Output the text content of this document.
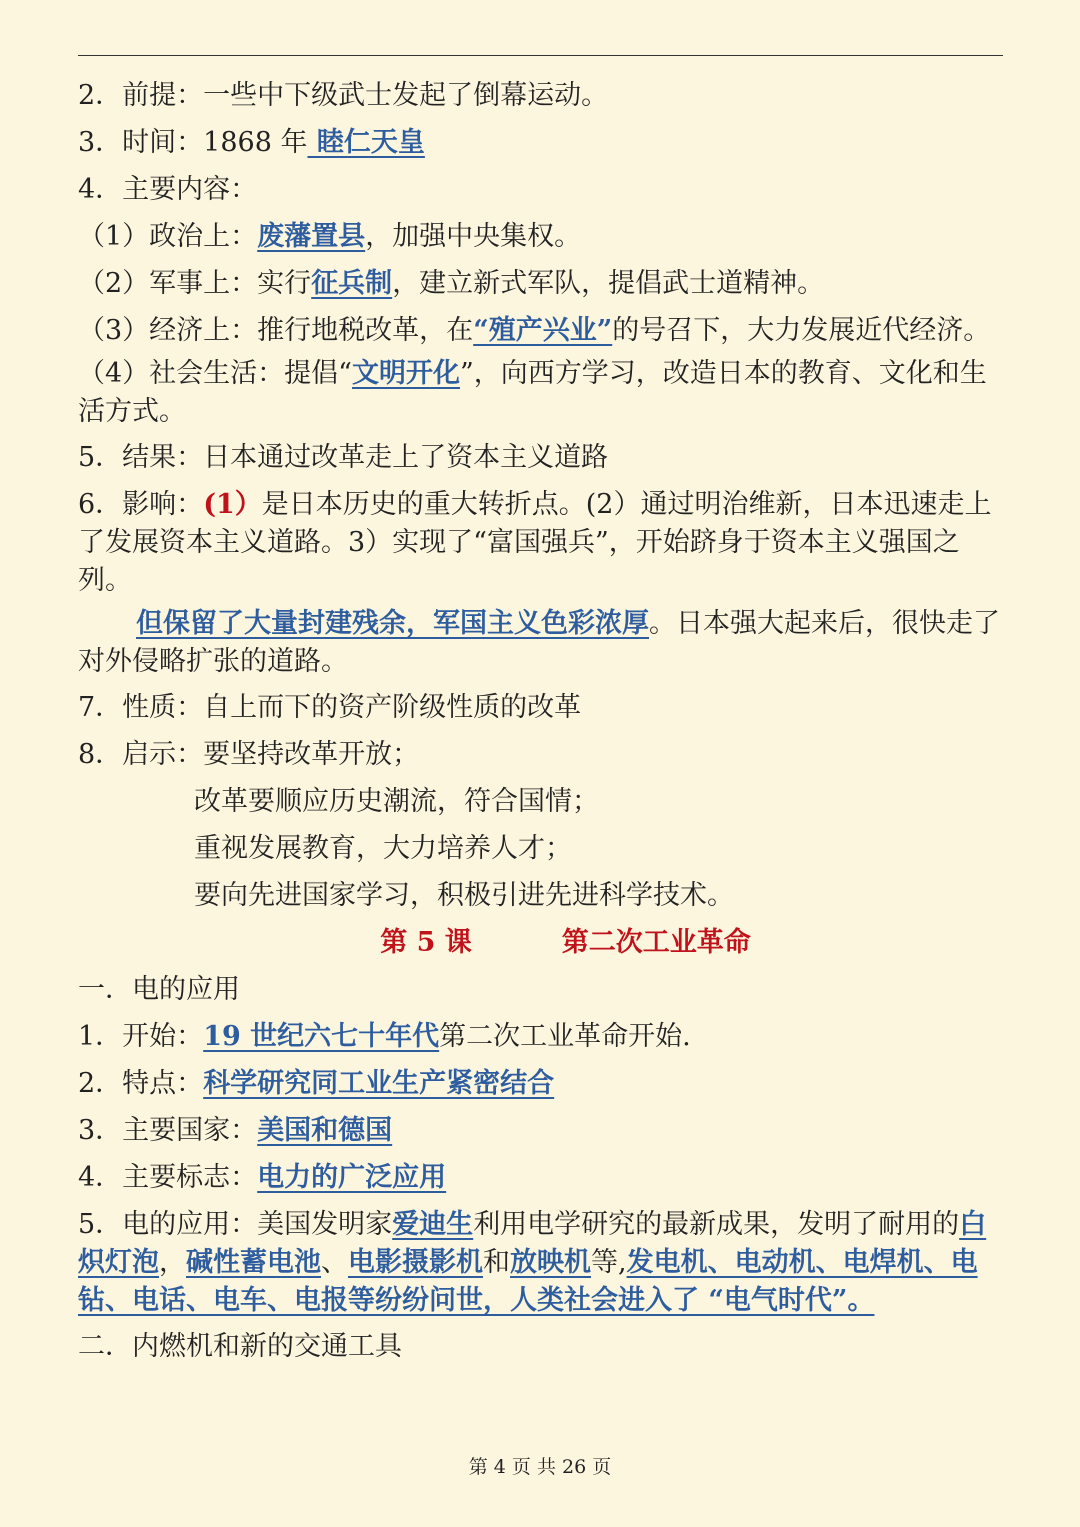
2．前提：一些中下级武士发起了倒幕运动。

3．时间：1868 年 睦仁天皇

4．主要内容：

（1）政治上：废藩置县，加强中央集权。

（2）军事上：实行征兵制，建立新式军队，提倡武士道精神。

（3）经济上：推行地税改革，在“殖产兴业”的号召下，大力发展近代经济。

（4）社会生活：提倡“文明开化”，向西方学习，改造日本的教育、文化和生活方式。

5．结果：日本通过改革走上了资本主义道路

6．影响：(1）是日本历史的重大转折点。(2）通过明治维新，日本迅速走上了发展资本主义道路。3）实现了“富国强兵”，开始跻身于资本主义强国之列。

但保留了大量封建残余，军国主义色彩浓厚。日本强大起来后，很快走了对外侵略扩张的道路。

7．性质：自上而下的资产阶级性质的改革

8．启示：要坚持改革开放；

改革要顺应历史潮流，符合国情；

重视发展教育，大力培养人才；

要向先进国家学习，积极引进先进科学技术。

第 5 课	第二次工业革命

一．电的应用

1．开始：19 世纪六七十年代第二次工业革命开始.

2．特点：科学研究同工业生产紧密结合

3．主要国家：美国和德国

4．主要标志：电力的广泛应用

5．电的应用：美国发明家爱迪生利用电学研究的最新成果，发明了耐用的白炽灯泡，碱性蓄电池、电影摄影机和放映机等,发电机、电动机、电焊机、电钻、电话、电车、电报等纷纷问世，人类社会进入了 “电气时代”。

二．内燃机和新的交通工具

第 4 页 共 26 页
